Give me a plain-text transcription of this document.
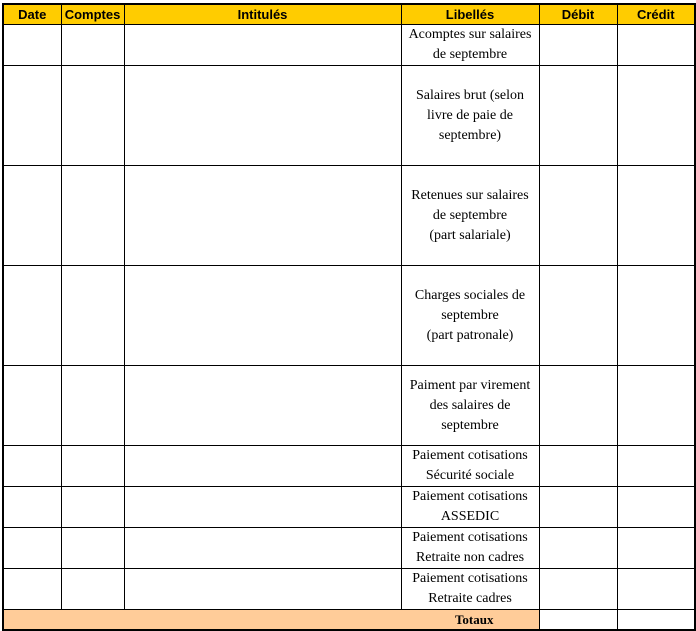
Date	Comptes	Intitulés	Libellés	Débit	Crédit

			Acomptes sur salaires
de septembre		

			Salaires brut (selon
livre de paie de
septembre)		

			Retenues sur salaires
de septembre
(part salariale)		

			Charges sociales de
septembre
(part patronale)		

			Paiment par virement
des salaires de
septembre		

			Paiement cotisations
Sécurité sociale		

			Paiement cotisations
ASSEDIC		

			Paiement cotisations
Retraite non cadres		

			Paiement cotisations
Retraite cadres		

Totaux					
